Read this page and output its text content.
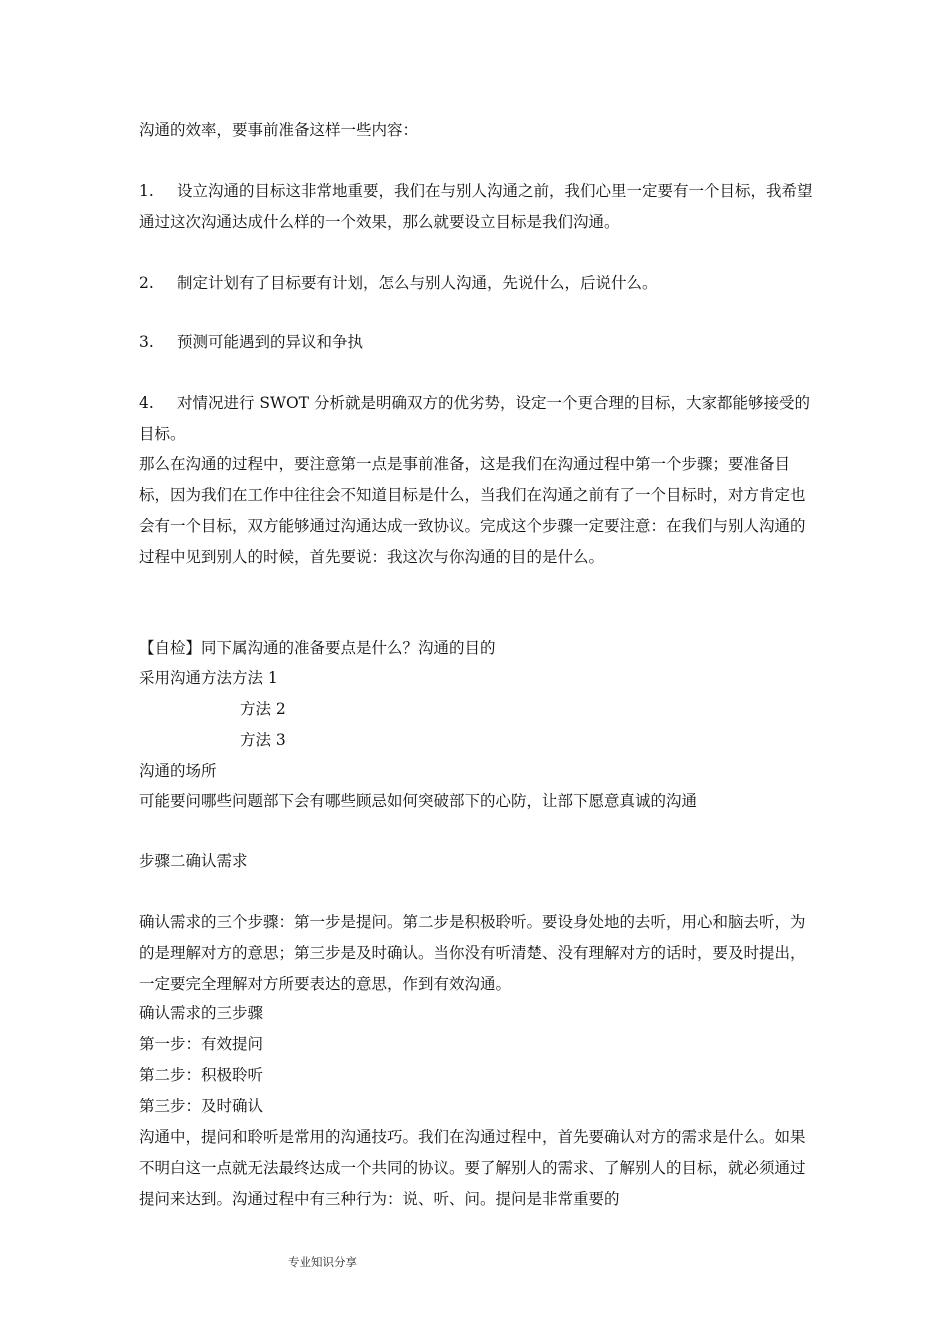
沟通的效率，要事前准备这样一些内容：

1. 设立沟通的目标这非常地重要，我们在与别人沟通之前，我们心里一定要有一个目标，我希望通过这次沟通达成什么样的一个效果，那么就要设立目标是我们沟通。

2. 制定计划有了目标要有计划，怎么与别人沟通，先说什么，后说什么。

3. 预测可能遇到的异议和争执

4. 对情况进行 SWOT 分析就是明确双方的优劣势，设定一个更合理的目标，大家都能够接受的目标。

那么在沟通的过程中，要注意第一点是事前准备，这是我们在沟通过程中第一个步骤；要准备目标，因为我们在工作中往往会不知道目标是什么，当我们在沟通之前有了一个目标时，对方肯定也会有一个目标，双方能够通过沟通达成一致协议。完成这个步骤一定要注意：在我们与别人沟通的过程中见到别人的时候，首先要说：我这次与你沟通的目的是什么。

【自检】同下属沟通的准备要点是什么？沟通的目的

采用沟通方法方法 1

方法 2

方法 3

沟通的场所

可能要问哪些问题部下会有哪些顾忌如何突破部下的心防，让部下愿意真诚的沟通

步骤二确认需求

确认需求的三个步骤：第一步是提问。第二步是积极聆听。要设身处地的去听，用心和脑去听，为的是理解对方的意思；第三步是及时确认。当你没有听清楚、没有理解对方的话时，要及时提出，一定要完全理解对方所要表达的意思，作到有效沟通。

确认需求的三步骤

第一步：有效提问

第二步：积极聆听

第三步：及时确认

沟通中，提问和聆听是常用的沟通技巧。我们在沟通过程中，首先要确认对方的需求是什么。如果不明白这一点就无法最终达成一个共同的协议。要了解别人的需求、了解别人的目标，就必须通过提问来达到。沟通过程中有三种行为：说、听、问。提问是非常重要的

专业知识分享
